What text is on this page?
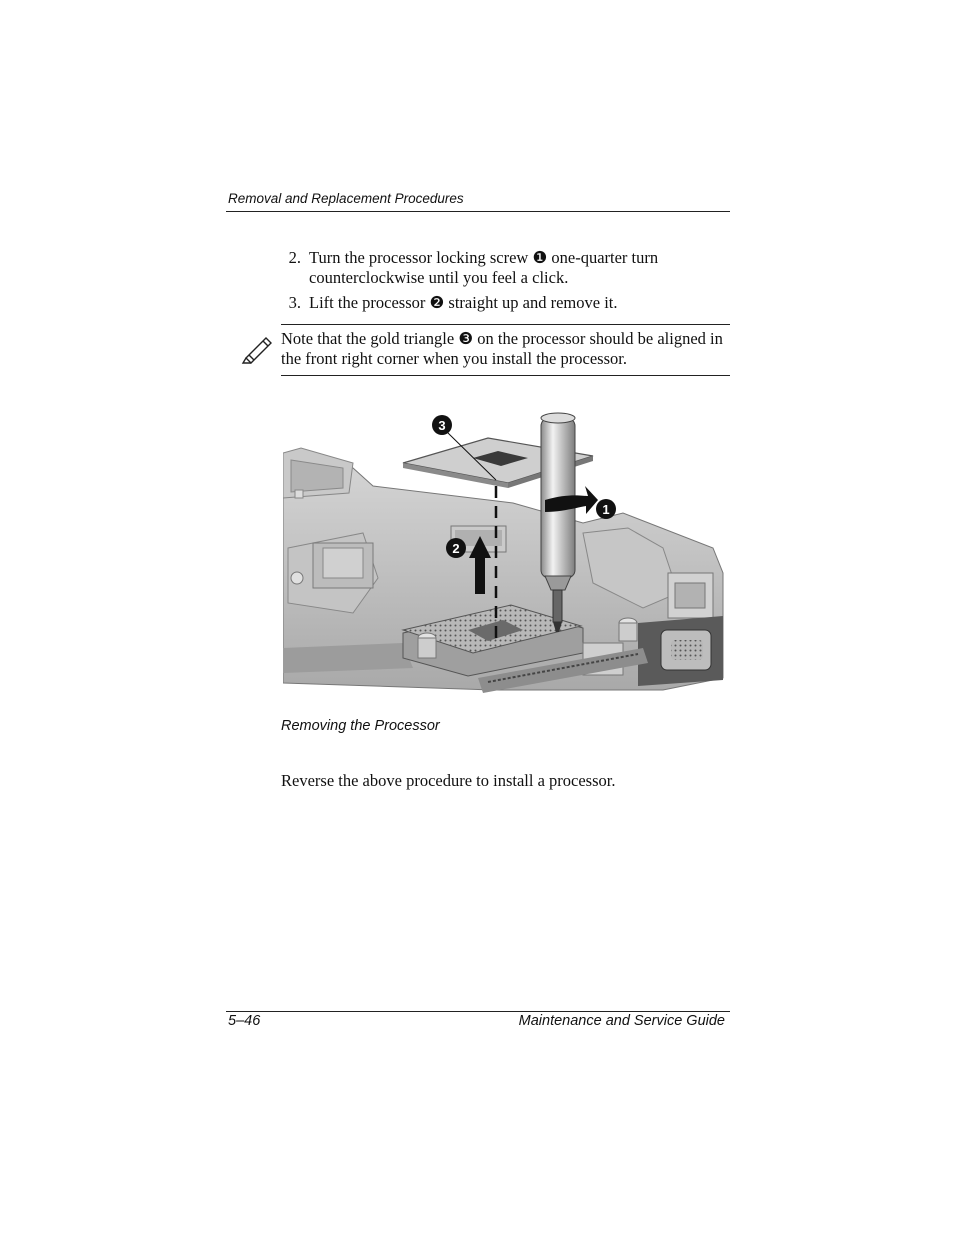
Removal and Replacement Procedures
2. Turn the processor locking screw ❶ one-quarter turn counterclockwise until you feel a click.
3. Lift the processor ❷ straight up and remove it.
Note that the gold triangle ❸ on the processor should be aligned in the front right corner when you install the processor.
3
2
1
Removing the Processor
Reverse the above procedure to install a processor.
5–46	Maintenance and Service Guide
